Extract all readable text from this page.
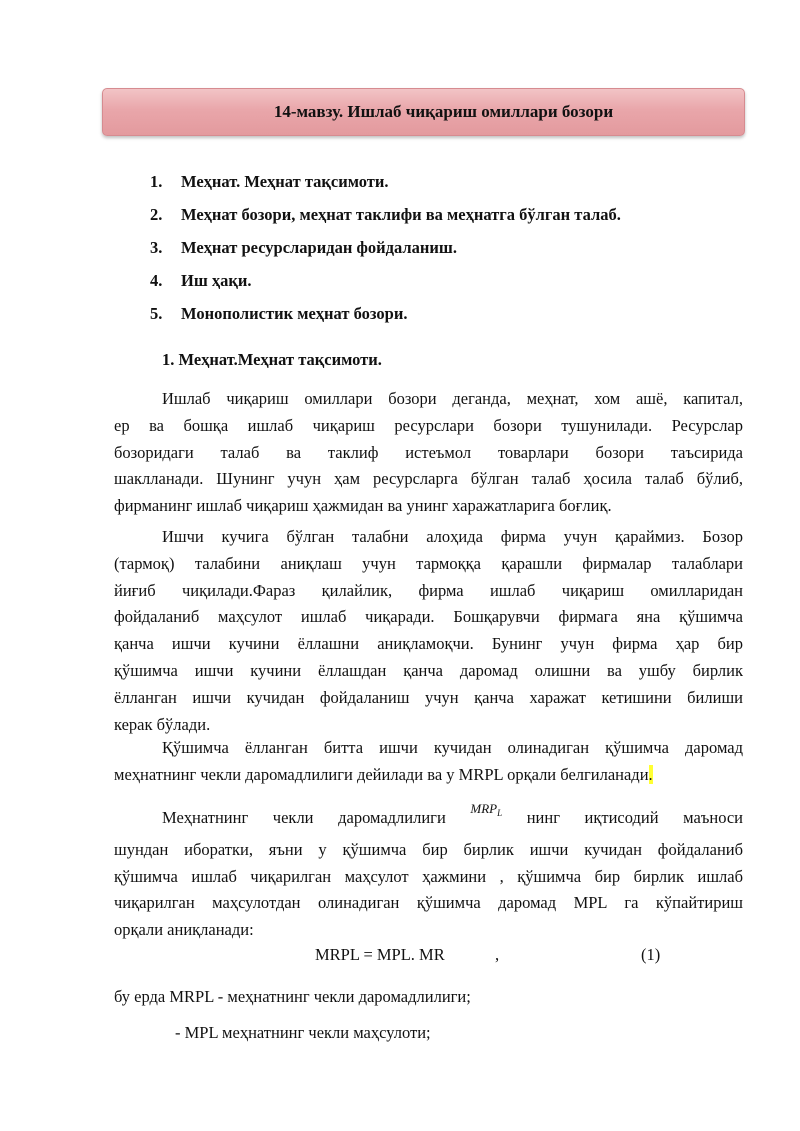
14-мавзу. Ишлаб чиқариш омиллари бозори
1. Меҳнат. Меҳнат тақсимоти.
2. Меҳнат бозори, меҳнат таклифи ва меҳнатга бўлган талаб.
3. Меҳнат ресурсларидан фойдаланиш.
4. Иш ҳақи.
5. Монополистик меҳнат бозори.
1. Меҳнат.Меҳнат тақсимоти.
Ишлаб чиқариш омиллари бозори деганда, меҳнат, хом ашё, капитал,
ер ва бошқа ишлаб чиқариш ресурслари бозори тушунилади. Ресурслар
бозоридаги талаб ва таклиф истеъмол товарлари бозори таъсирида
шаклланади. Шунинг учун ҳам ресурсларга бўлган талаб ҳосила талаб бўлиб,
фирманинг ишлаб чиқариш ҳажмидан ва унинг харажатларига боғлиқ.
Ишчи кучига бўлган талабни алоҳида фирма учун қараймиз. Бозор
(тармоқ) талабини аниқлаш учун тармоққа қарашли фирмалар талаблари
йиғиб чиқилади.Фараз қилайлик, фирма ишлаб чиқариш омилларидан
фойдаланиб маҳсулот ишлаб чиқаради. Бошқарувчи фирмага яна қўшимча
қанча ишчи кучини ёллашни аниқламоқчи. Бунинг учун фирма ҳар бир
қўшимча ишчи кучини ёллашдан қанча даромад олишни ва ушбу бирлик
ёлланган ишчи кучидан фойдаланиш учун қанча харажат кетишини билиши
керак бўлади.
Қўшимча ёлланган битта ишчи кучидан олинадиган қўшимча даромад
меҳнатнинг чекли даромадлилиги дейилади ва у MRPL орқали белгиланади.
Меҳнатнинг чекли даромадлилиги $^{MRP_L}$ нинг иқтисодий маъноси
шундан иборатки, яъни у қўшимча бир бирлик ишчи кучидан фойдаланиб
қўшимча ишлаб чиқарилган маҳсулот ҳажмини , қўшимча бир бирлик ишлаб
чиқарилган маҳсулотдан олинадиган қўшимча даромад MPL га кўпайтириш
орқали аниқланади:
MRPL = MPL. MR	,	(1)
бу ерда MRPL - меҳнатнинг чекли даромадлилиги;
- MPL меҳнатнинг чекли маҳсулоти;
